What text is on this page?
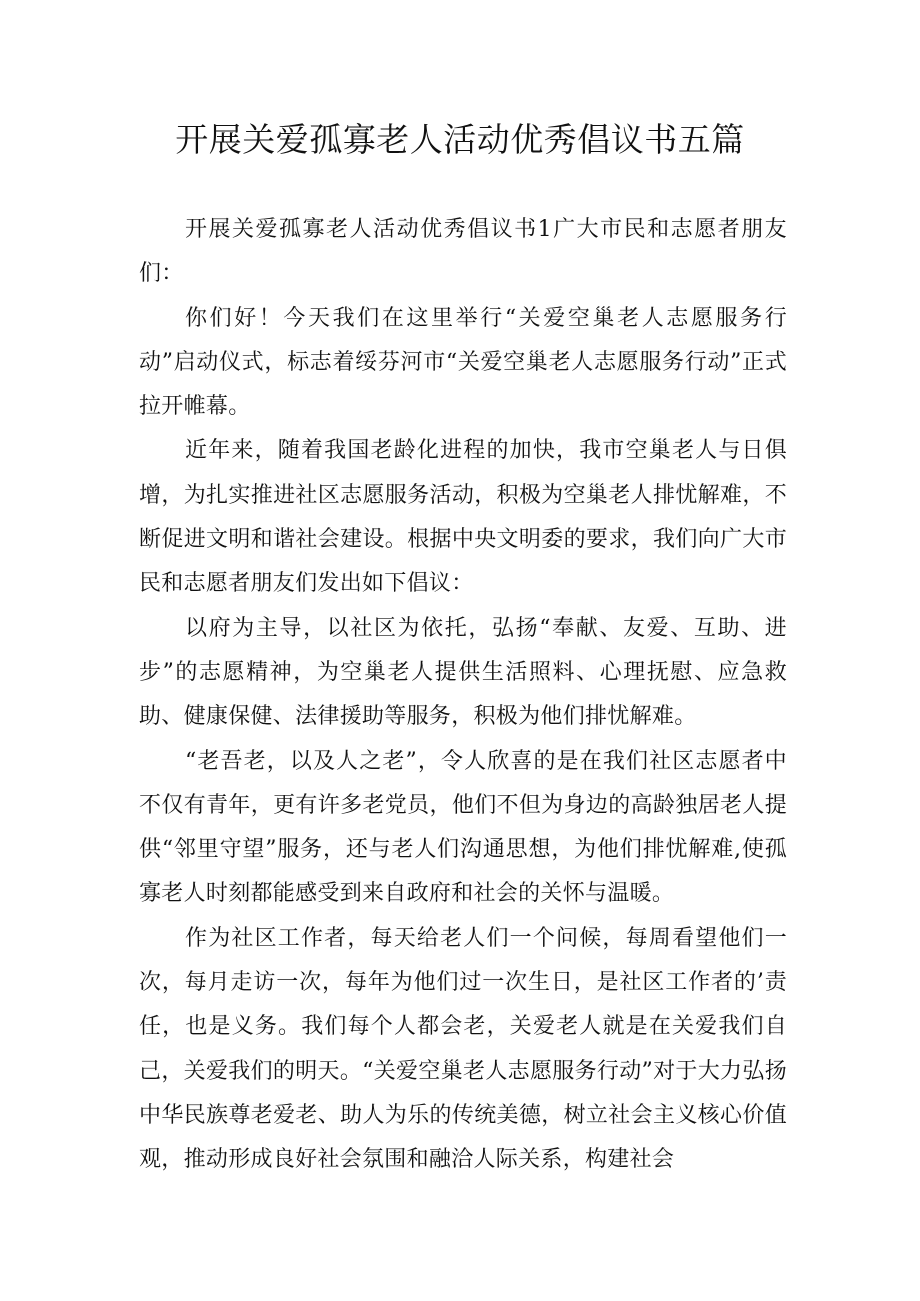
开展关爱孤寡老人活动优秀倡议书五篇

开展关爱孤寡老人活动优秀倡议书1广大市民和志愿者朋友们：

你们好！今天我们在这里举行“关爱空巢老人志愿服务行动”启动仪式，标志着绥芬河市“关爱空巢老人志愿服务行动”正式拉开帷幕。

近年来，随着我国老龄化进程的加快，我市空巢老人与日俱增，为扎实推进社区志愿服务活动，积极为空巢老人排忧解难，不断促进文明和谐社会建设。根据中央文明委的要求，我们向广大市民和志愿者朋友们发出如下倡议：

以府为主导，以社区为依托，弘扬“奉献、友爱、互助、进步”的志愿精神，为空巢老人提供生活照料、心理抚慰、应急救助、健康保健、法律援助等服务，积极为他们排忧解难。

“老吾老，以及人之老”，令人欣喜的是在我们社区志愿者中不仅有青年，更有许多老党员，他们不但为身边的高龄独居老人提供“邻里守望”服务，还与老人们沟通思想，为他们排忧解难,使孤寡老人时刻都能感受到来自政府和社会的关怀与温暖。

作为社区工作者，每天给老人们一个问候，每周看望他们一次，每月走访一次，每年为他们过一次生日，是社区工作者的’责任，也是义务。我们每个人都会老，关爱老人就是在关爱我们自己，关爱我们的明天。“关爱空巢老人志愿服务行动”对于大力弘扬中华民族尊老爱老、助人为乐的传统美德，树立社会主义核心价值观，推动形成良好社会氛围和融洽人际关系，构建社会
